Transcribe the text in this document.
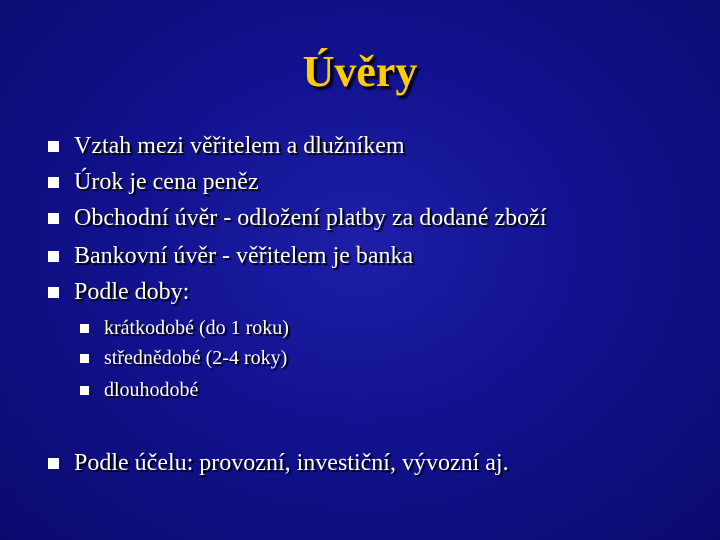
Úvěry
Vztah mezi věřitelem a dlužníkem
Úrok je cena peněz
Obchodní úvěr - odložení platby za dodané zboží
Bankovní úvěr - věřitelem je banka
Podle doby:
krátkodobé (do 1 roku)
střednědobé (2-4 roky)
dlouhodobé
Podle účelu: provozní, investiční, vývozní aj.
